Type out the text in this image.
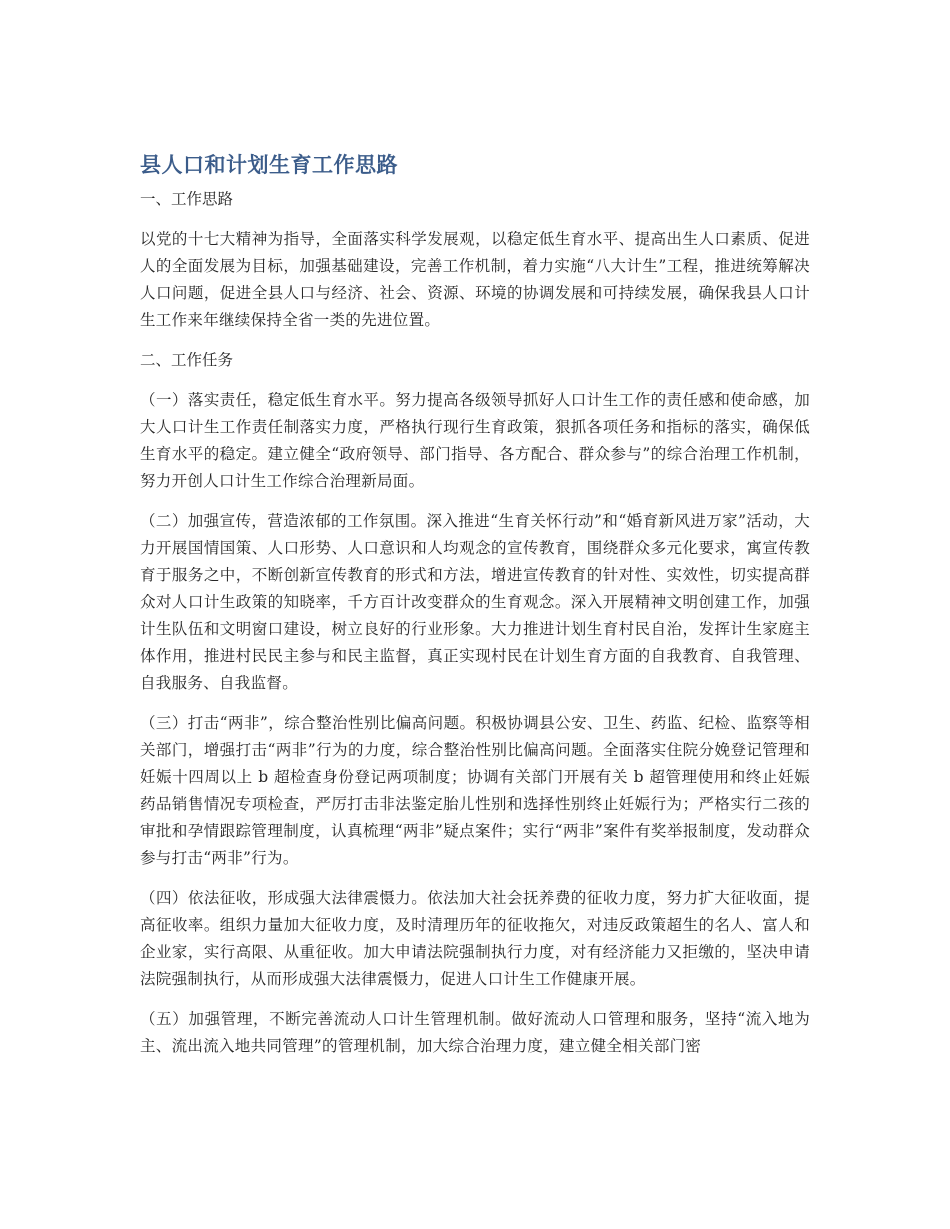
县人口和计划生育工作思路

一、工作思路

以党的十七大精神为指导，全面落实科学发展观，以稳定低生育水平、提高出生人口素质、促进人的全面发展为目标，加强基础建设，完善工作机制，着力实施“八大计生”工程，推进统筹解决人口问题，促进全县人口与经济、社会、资源、环境的协调发展和可持续发展，确保我县人口计生工作来年继续保持全省一类的先进位置。

二、工作任务

（一）落实责任，稳定低生育水平。努力提高各级领导抓好人口计生工作的责任感和使命感，加大人口计生工作责任制落实力度，严格执行现行生育政策，狠抓各项任务和指标的落实，确保低生育水平的稳定。建立健全“政府领导、部门指导、各方配合、群众参与”的综合治理工作机制，努力开创人口计生工作综合治理新局面。

（二）加强宣传，营造浓郁的工作氛围。深入推进“生育关怀行动”和“婚育新风进万家”活动，大力开展国情国策、人口形势、人口意识和人均观念的宣传教育，围绕群众多元化要求，寓宣传教育于服务之中，不断创新宣传教育的形式和方法，增进宣传教育的针对性、实效性，切实提高群众对人口计生政策的知晓率，千方百计改变群众的生育观念。深入开展精神文明创建工作，加强计生队伍和文明窗口建设，树立良好的行业形象。大力推进计划生育村民自治，发挥计生家庭主体作用，推进村民民主参与和民主监督，真正实现村民在计划生育方面的自我教育、自我管理、自我服务、自我监督。

（三）打击“两非”，综合整治性别比偏高问题。积极协调县公安、卫生、药监、纪检、监察等相关部门，增强打击“两非”行为的力度，综合整治性别比偏高问题。全面落实住院分娩登记管理和妊娠十四周以上 b 超检查身份登记两项制度；协调有关部门开展有关 b 超管理使用和终止妊娠药品销售情况专项检查，严厉打击非法鉴定胎儿性别和选择性别终止妊娠行为；严格实行二孩的审批和孕情跟踪管理制度，认真梳理“两非”疑点案件；实行“两非”案件有奖举报制度，发动群众参与打击“两非”行为。

（四）依法征收，形成强大法律震慑力。依法加大社会抚养费的征收力度，努力扩大征收面，提高征收率。组织力量加大征收力度，及时清理历年的征收拖欠，对违反政策超生的名人、富人和企业家，实行高限、从重征收。加大申请法院强制执行力度，对有经济能力又拒缴的，坚决申请法院强制执行，从而形成强大法律震慑力，促进人口计生工作健康开展。

（五）加强管理，不断完善流动人口计生管理机制。做好流动人口管理和服务，坚持“流入地为主、流出流入地共同管理”的管理机制，加大综合治理力度，建立健全相关部门密
